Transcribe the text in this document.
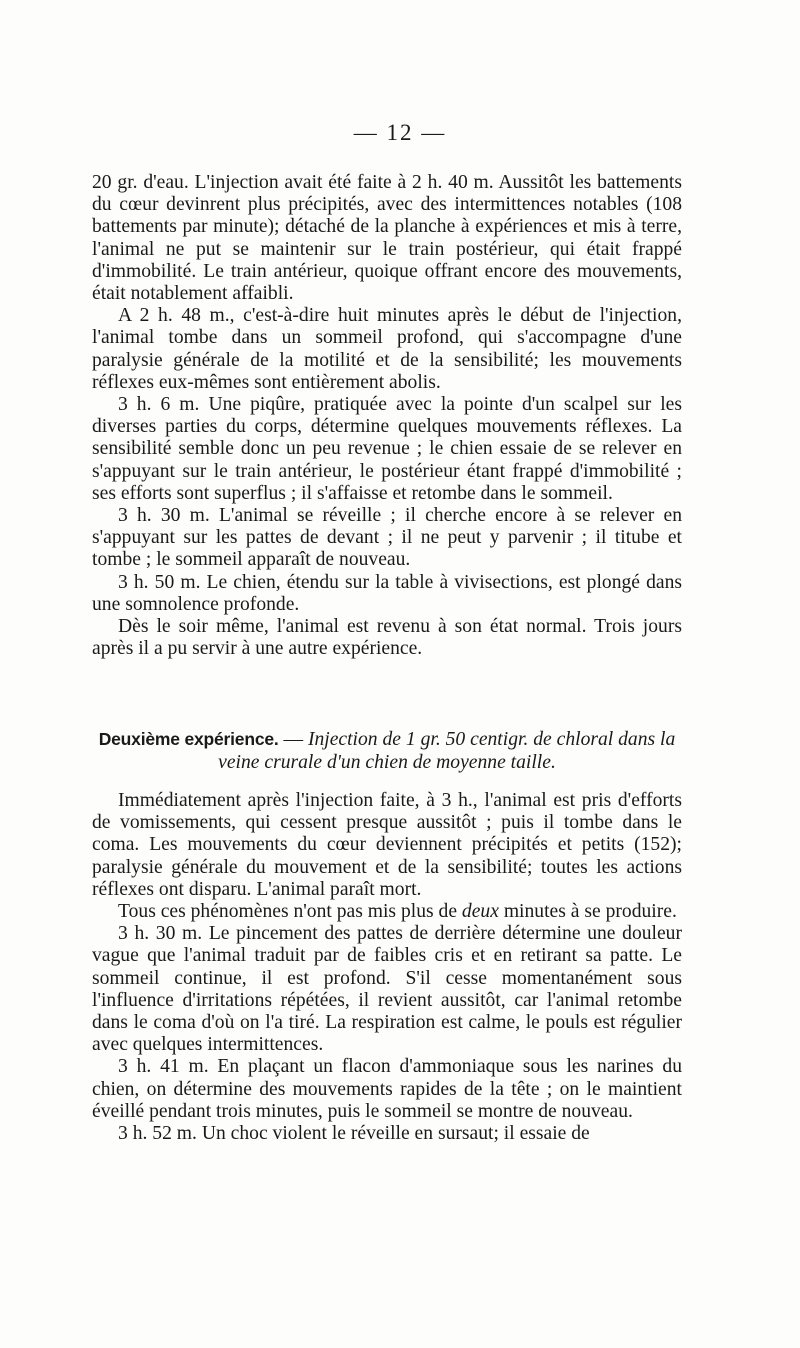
— 12 —

20 gr. d'eau. L'injection avait été faite à 2 h. 40 m. Aussitôt les battements du cœur devinrent plus précipités, avec des intermittences notables (108 battements par minute); détaché de la planche à expériences et mis à terre, l'animal ne put se maintenir sur le train postérieur, qui était frappé d'immobilité. Le train antérieur, quoique offrant encore des mouvements, était notablement affaibli.

A 2 h. 48 m., c'est-à-dire huit minutes après le début de l'injection, l'animal tombe dans un sommeil profond, qui s'accompagne d'une paralysie générale de la motilité et de la sensibilité; les mouvements réflexes eux-mêmes sont entièrement abolis.

3 h. 6 m. Une piqûre, pratiquée avec la pointe d'un scalpel sur les diverses parties du corps, détermine quelques mouvements réflexes. La sensibilité semble donc un peu revenue ; le chien essaie de se relever en s'appuyant sur le train antérieur, le postérieur étant frappé d'immobilité ; ses efforts sont superflus ; il s'affaisse et retombe dans le sommeil.

3 h. 30 m. L'animal se réveille ; il cherche encore à se relever en s'appuyant sur les pattes de devant ; il ne peut y parvenir ; il titube et tombe ; le sommeil apparaît de nouveau.

3 h. 50 m. Le chien, étendu sur la table à vivisections, est plongé dans une somnolence profonde.

Dès le soir même, l'animal est revenu à son état normal. Trois jours après il a pu servir à une autre expérience.

Deuxième expérience. — Injection de 1 gr. 50 centigr. de chloral dans la veine crurale d'un chien de moyenne taille.

Immédiatement après l'injection faite, à 3 h., l'animal est pris d'efforts de vomissements, qui cessent presque aussitôt ; puis il tombe dans le coma. Les mouvements du cœur deviennent précipités et petits (152); paralysie générale du mouvement et de la sensibilité; toutes les actions réflexes ont disparu. L'animal paraît mort.

Tous ces phénomènes n'ont pas mis plus de deux minutes à se produire.

3 h. 30 m. Le pincement des pattes de derrière détermine une douleur vague que l'animal traduit par de faibles cris et en retirant sa patte. Le sommeil continue, il est profond. S'il cesse momentanément sous l'influence d'irritations répétées, il revient aussitôt, car l'animal retombe dans le coma d'où on l'a tiré. La respiration est calme, le pouls est régulier avec quelques intermittences.

3 h. 41 m. En plaçant un flacon d'ammoniaque sous les narines du chien, on détermine des mouvements rapides de la tête ; on le maintient éveillé pendant trois minutes, puis le sommeil se montre de nouveau.

3 h. 52 m. Un choc violent le réveille en sursaut; il essaie de
